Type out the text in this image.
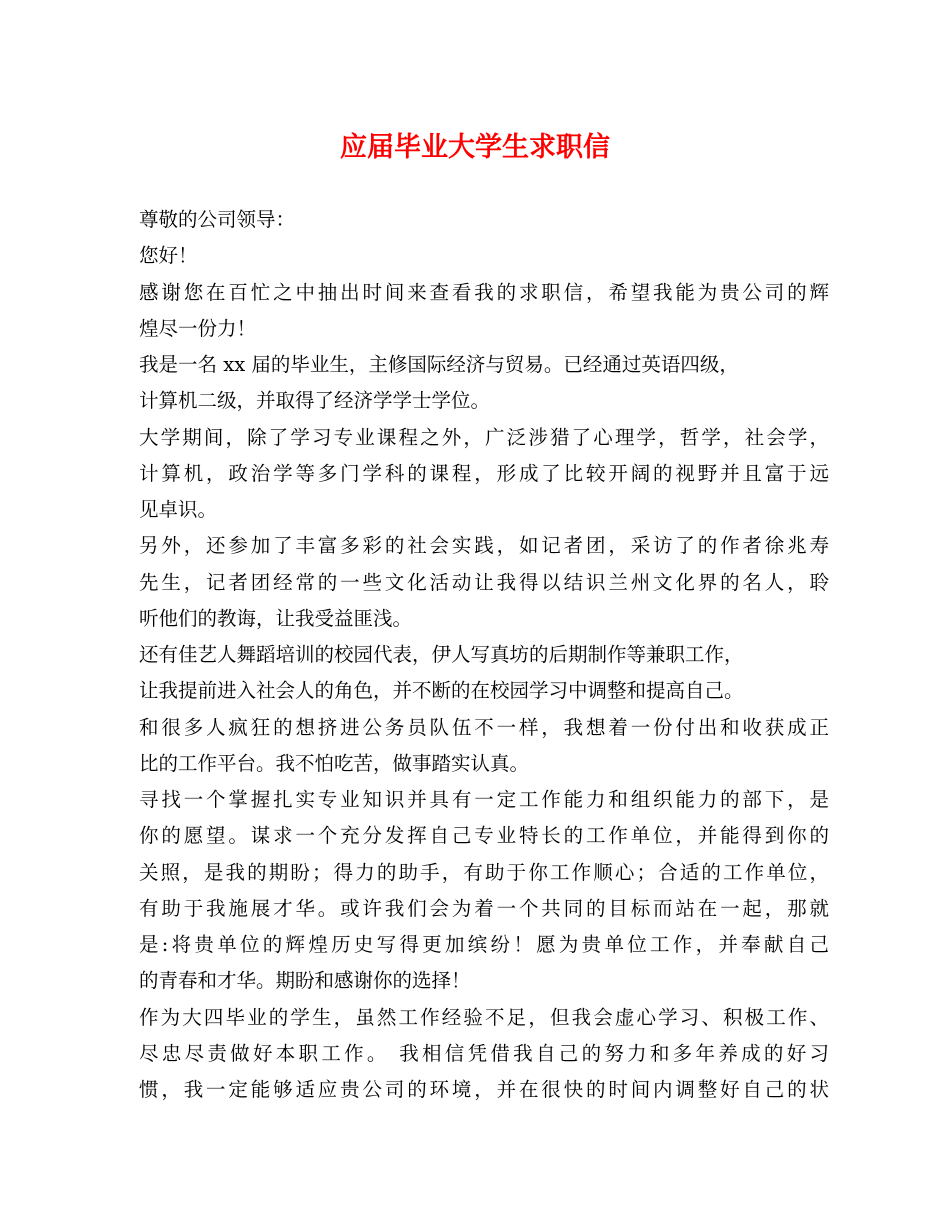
应届毕业大学生求职信
尊敬的公司领导：
您好！
感谢您在百忙之中抽出时间来查看我的求职信，希望我能为贵公司的辉
煌尽一份力！
我是一名 xx 届的毕业生，主修国际经济与贸易。已经通过英语四级，
计算机二级，并取得了经济学学士学位。
大学期间，除了学习专业课程之外，广泛涉猎了心理学，哲学，社会学，
计算机，政治学等多门学科的课程，形成了比较开阔的视野并且富于远
见卓识。
另外，还参加了丰富多彩的社会实践，如记者团，采访了的作者徐兆寿
先生，记者团经常的一些文化活动让我得以结识兰州文化界的名人，聆
听他们的教诲，让我受益匪浅。
还有佳艺人舞蹈培训的校园代表，伊人写真坊的后期制作等兼职工作，
让我提前进入社会人的角色，并不断的在校园学习中调整和提高自己。
和很多人疯狂的想挤进公务员队伍不一样，我想着一份付出和收获成正
比的工作平台。我不怕吃苦，做事踏实认真。
寻找一个掌握扎实专业知识并具有一定工作能力和组织能力的部下，是
你的愿望。谋求一个充分发挥自己专业特长的工作单位，并能得到你的
关照，是我的期盼；得力的助手，有助于你工作顺心；合适的工作单位，
有助于我施展才华。或许我们会为着一个共同的目标而站在一起，那就
是:将贵单位的辉煌历史写得更加缤纷！愿为贵单位工作，并奉献自己
的青春和才华。期盼和感谢你的选择！
作为大四毕业的学生，虽然工作经验不足，但我会虚心学习、积极工作、
尽忠尽责做好本职工作。 我相信凭借我自己的努力和多年养成的好习
惯，我一定能够适应贵公司的环境，并在很快的时间内调整好自己的状
